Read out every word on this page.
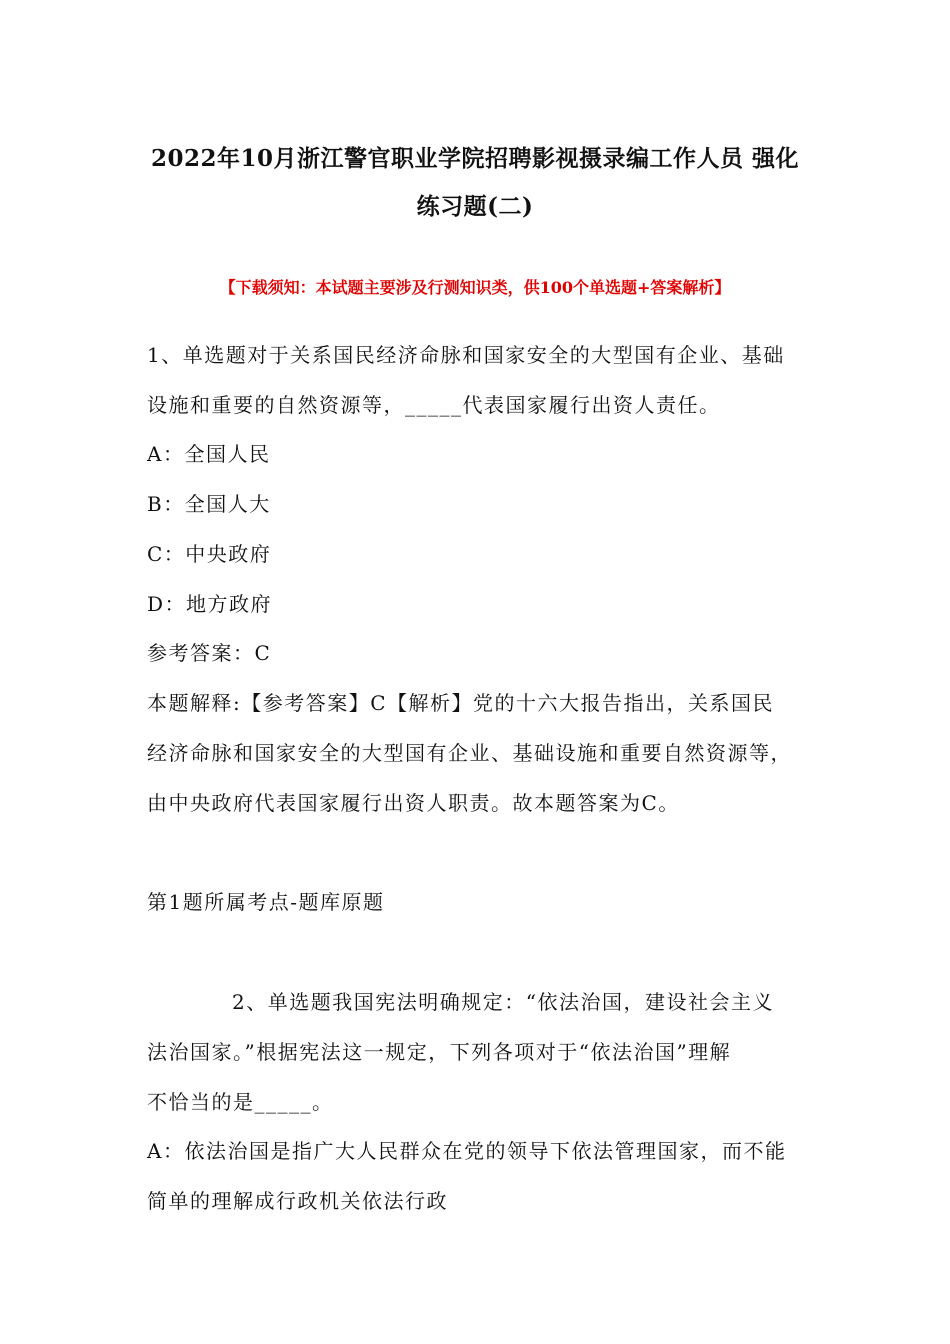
2022年10月浙江警官职业学院招聘影视摄录编工作人员 强化
练习题(二)
【下载须知：本试题主要涉及行测知识类，供100个单选题+答案解析】
1、单选题对于关系国民经济命脉和国家安全的大型国有企业、基础
设施和重要的自然资源等，_____代表国家履行出资人责任。
A：全国人民
B：全国人大
C：中央政府
D：地方政府
参考答案：C
本题解释:【参考答案】C【解析】党的十六大报告指出，关系国民
经济命脉和国家安全的大型国有企业、基础设施和重要自然资源等，
由中央政府代表国家履行出资人职责。故本题答案为C。
第1题所属考点-题库原题
2、单选题我国宪法明确规定：“依法治国，建设社会主义
法治国家。”根据宪法这一规定，下列各项对于“依法治国”理解
不恰当的是_____。
A：依法治国是指广大人民群众在党的领导下依法管理国家，而不能
简单的理解成行政机关依法行政
